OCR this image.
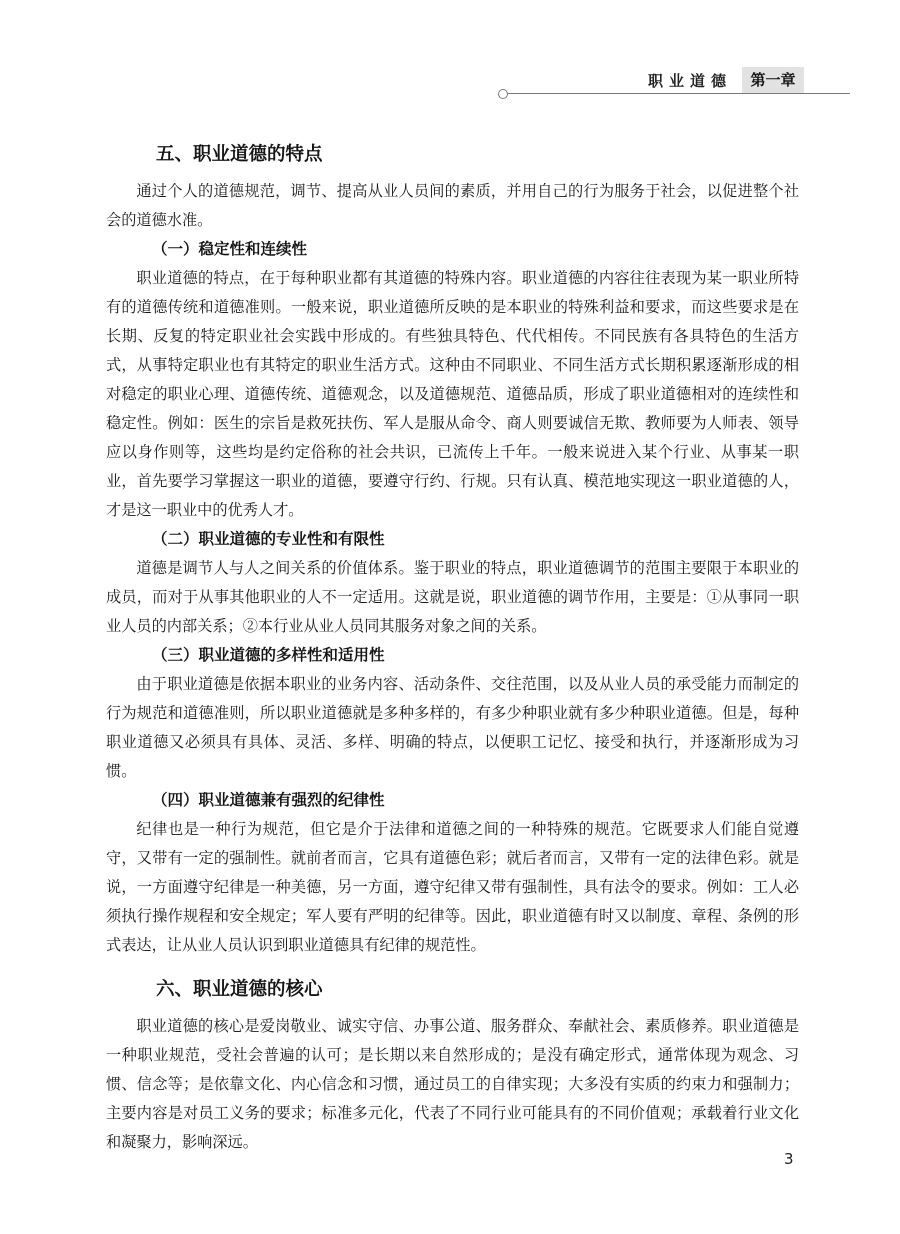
职业道德	第一章
五、职业道德的特点

通过个人的道德规范，调节、提高从业人员间的素质，并用自己的行为服务于社会，以促进整个社会的道德水准。

（一）稳定性和连续性

职业道德的特点，在于每种职业都有其道德的特殊内容。职业道德的内容往往表现为某一职业所特有的道德传统和道德准则。一般来说，职业道德所反映的是本职业的特殊利益和要求，而这些要求是在长期、反复的特定职业社会实践中形成的。有些独具特色、代代相传。不同民族有各具特色的生活方式，从事特定职业也有其特定的职业生活方式。这种由不同职业、不同生活方式长期积累逐渐形成的相对稳定的职业心理、道德传统、道德观念，以及道德规范、道德品质，形成了职业道德相对的连续性和稳定性。例如：医生的宗旨是救死扶伤、军人是服从命令、商人则要诚信无欺、教师要为人师表、领导应以身作则等，这些均是约定俗称的社会共识，已流传上千年。一般来说进入某个行业、从事某一职业，首先要学习掌握这一职业的道德，要遵守行约、行规。只有认真、模范地实现这一职业道德的人，才是这一职业中的优秀人才。

（二）职业道德的专业性和有限性

道德是调节人与人之间关系的价值体系。鉴于职业的特点，职业道德调节的范围主要限于本职业的成员，而对于从事其他职业的人不一定适用。这就是说，职业道德的调节作用，主要是：①从事同一职业人员的内部关系；②本行业从业人员同其服务对象之间的关系。

（三）职业道德的多样性和适用性

由于职业道德是依据本职业的业务内容、活动条件、交往范围，以及从业人员的承受能力而制定的行为规范和道德准则，所以职业道德就是多种多样的，有多少种职业就有多少种职业道德。但是，每种职业道德又必须具有具体、灵活、多样、明确的特点，以便职工记忆、接受和执行，并逐渐形成为习惯。

（四）职业道德兼有强烈的纪律性

纪律也是一种行为规范，但它是介于法律和道德之间的一种特殊的规范。它既要求人们能自觉遵守，又带有一定的强制性。就前者而言，它具有道德色彩；就后者而言，又带有一定的法律色彩。就是说，一方面遵守纪律是一种美德，另一方面，遵守纪律又带有强制性，具有法令的要求。例如：工人必须执行操作规程和安全规定；军人要有严明的纪律等。因此，职业道德有时又以制度、章程、条例的形式表达，让从业人员认识到职业道德具有纪律的规范性。

六、职业道德的核心

职业道德的核心是爱岗敬业、诚实守信、办事公道、服务群众、奉献社会、素质修养。职业道德是一种职业规范，受社会普遍的认可；是长期以来自然形成的；是没有确定形式，通常体现为观念、习惯、信念等；是依靠文化、内心信念和习惯，通过员工的自律实现；大多没有实质的约束力和强制力；主要内容是对员工义务的要求；标准多元化，代表了不同行业可能具有的不同价值观；承载着行业文化和凝聚力，影响深远。

3
